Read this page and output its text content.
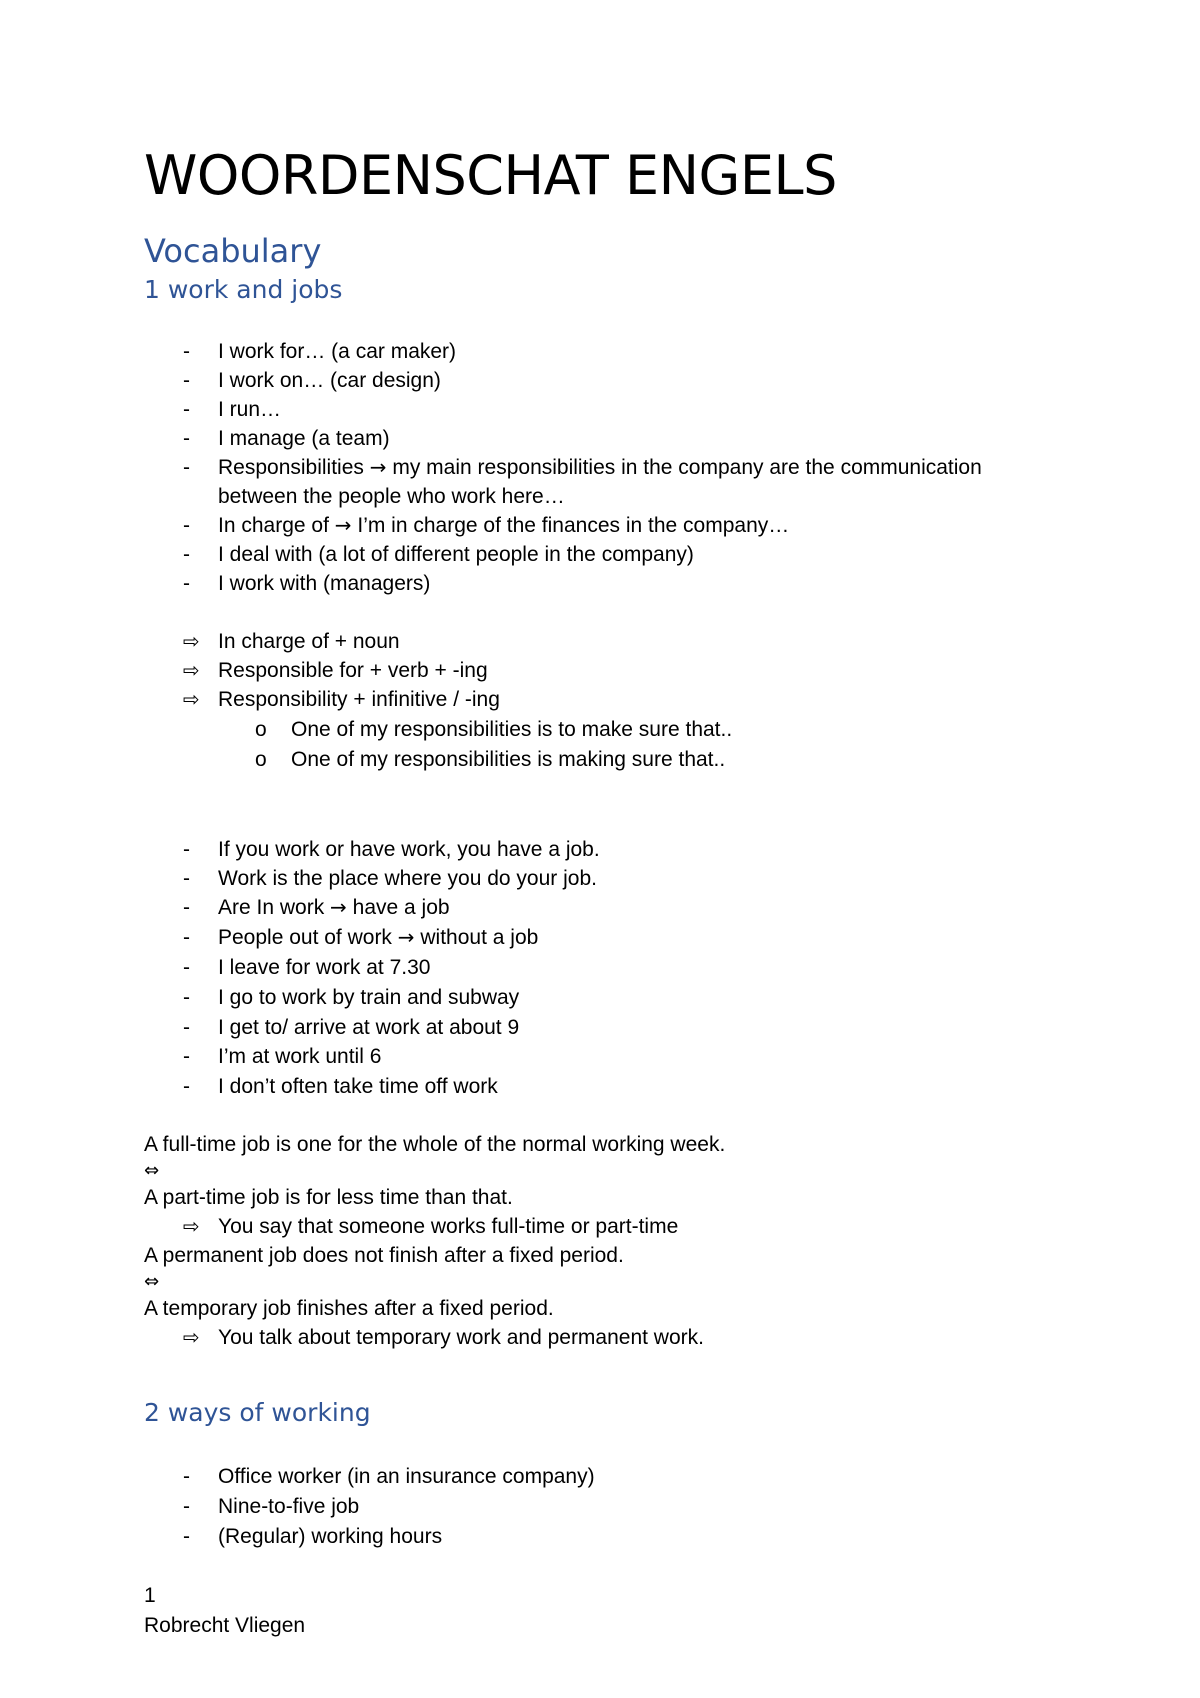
WOORDENSCHAT ENGELS
Vocabulary
1 work and jobs
- I work for… (a car maker)
- I work on… (car design)
- I run…
- I manage (a team)
- Responsibilities → my main responsibilities in the company are the communication
between the people who work here…
- In charge of → I’m in charge of the finances in the company…
- I deal with (a lot of different people in the company)
- I work with (managers)
⇨ In charge of + noun
⇨ Responsible for + verb + -ing
⇨ Responsibility + infinitive / -ing
o One of my responsibilities is to make sure that..
o One of my responsibilities is making sure that..
- If you work or have work, you have a job.
- Work is the place where you do your job.
- Are In work → have a job
- People out of work → without a job
- I leave for work at 7.30
- I go to work by train and subway
- I get to/ arrive at work at about 9
- I’m at work until 6
- I don’t often take time off work
A full-time job is one for the whole of the normal working week.
⇔
A part-time job is for less time than that.
⇨ You say that someone works full-time or part-time
A permanent job does not finish after a fixed period.
⇔
A temporary job finishes after a fixed period.
⇨ You talk about temporary work and permanent work.
2 ways of working
- Office worker (in an insurance company)
- Nine-to-five job
- (Regular) working hours
1
Robrecht Vliegen
